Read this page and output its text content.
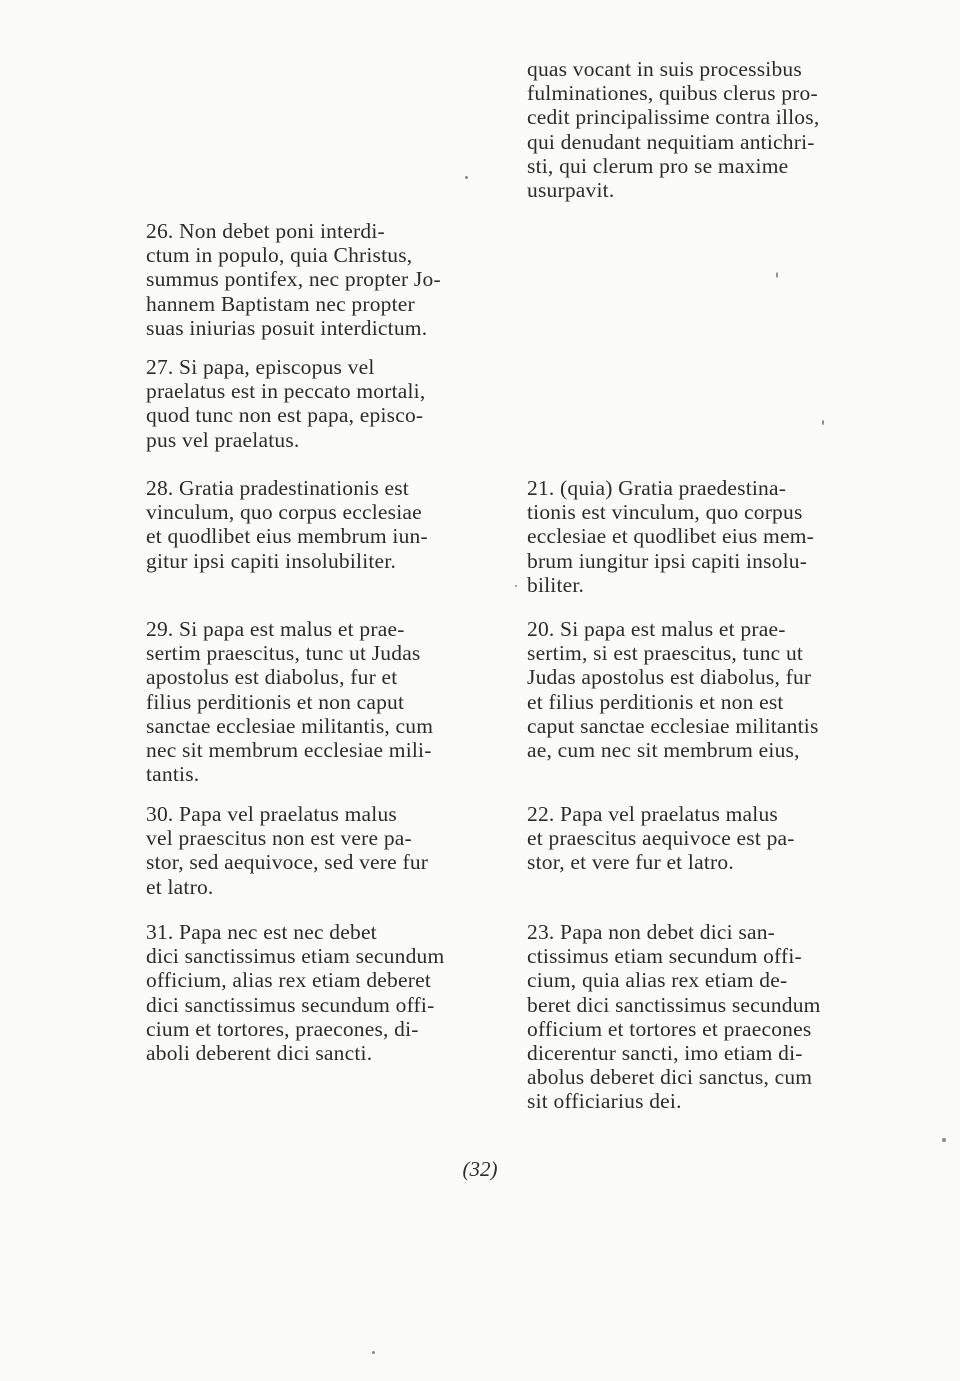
quas vocant in suis processibus
fulminationes, quibus clerus pro-
cedit principalissime contra illos,
qui denudant nequitiam antichri-
sti, qui clerum pro se maxime
usurpavit.

26. Non debet poni interdi-
ctum in populo, quia Christus,
summus pontifex, nec propter Jo-
hannem Baptistam nec propter
suas iniurias posuit interdictum.

27. Si papa, episcopus vel
praelatus est in peccato mortali,
quod tunc non est papa, episco-
pus vel praelatus.

28. Gratia pradestinationis est
vinculum, quo corpus ecclesiae
et quodlibet eius membrum iun-
gitur ipsi capiti insolubiliter.

21. (quia) Gratia praedestina-
tionis est vinculum, quo corpus
ecclesiae et quodlibet eius mem-
brum iungitur ipsi capiti insolu-
biliter.

29. Si papa est malus et prae-
sertim praescitus, tunc ut Judas
apostolus est diabolus, fur et
filius perditionis et non caput
sanctae ecclesiae militantis, cum
nec sit membrum ecclesiae mili-
tantis.

20. Si papa est malus et prae-
sertim, si est praescitus, tunc ut
Judas apostolus est diabolus, fur
et filius perditionis et non est
caput sanctae ecclesiae militantis
ae, cum nec sit membrum eius,

30. Papa vel praelatus malus
vel praescitus non est vere pa-
stor, sed aequivoce, sed vere fur
et latro.

22. Papa vel praelatus malus
et praescitus aequivoce est pa-
stor, et vere fur et latro.

31. Papa nec est nec debet
dici sanctissimus etiam secundum
officium, alias rex etiam deberet
dici sanctissimus secundum offi-
cium et tortores, praecones, di-
aboli deberent dici sancti.

23. Papa non debet dici san-
ctissimus etiam secundum offi-
cium, quia alias rex etiam de-
beret dici sanctissimus secundum
officium et tortores et praecones
dicerentur sancti, imo etiam di-
abolus deberet dici sanctus, cum
sit officiarius dei.

(32)
